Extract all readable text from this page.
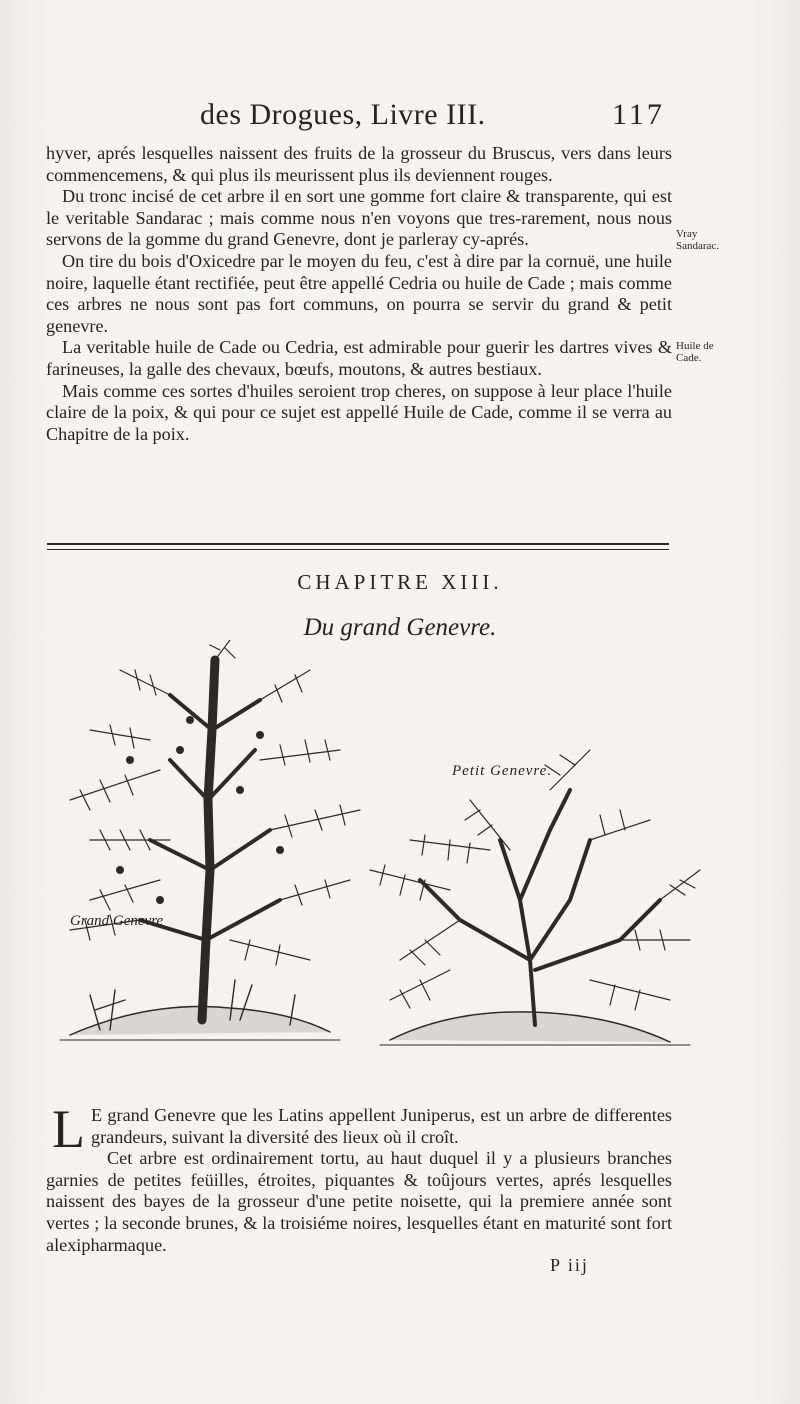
des Drogues, Livre III.	117

hyver, aprés lesquelles naissent des fruits de la grosseur du Bruscus, vers dans leurs commencemens, & qui plus ils meurissent plus ils deviennent rouges.

Du tronc incisé de cet arbre il en sort une gomme fort claire & transparente, qui est le veritable Sandarac ; mais comme nous n'en voyons que tres-rarement, nous nous servons de la gomme du grand Genevre, dont je parleray cy-aprés.

On tire du bois d'Oxicedre par le moyen du feu, c'est à dire par la cornuë, une huile noire, laquelle étant rectifiée, peut être appellé Cedria ou huile de Cade ; mais comme ces arbres ne nous sont pas fort communs, on pourra se servir du grand & petit genevre.

La veritable huile de Cade ou Cedria, est admirable pour guerir les dartres vives & farineuses, la galle des chevaux, bœufs, moutons, & autres bestiaux.

Mais comme ces sortes d'huiles seroient trop cheres, on suppose à leur place l'huile claire de la poix, & qui pour ce sujet est appellé Huile de Cade, comme il se verra au Chapitre de la poix.

Vray Sandarac.
Huile de Cade.
CHAPITRE XIII.
Du grand Genevre.
Grand Genevre
Petit Genevre.

L E grand Genevre que les Latins appellent Juniperus, est un arbre de differentes grandeurs, suivant la diversité des lieux où il croît.

Cet arbre est ordinairement tortu, au haut duquel il y a plusieurs branches garnies de petites feüilles, étroites, piquantes & toûjours vertes, aprés lesquelles naissent des bayes de la grosseur d'une petite noisette, qui la premiere année sont vertes ; la seconde brunes, & la troisiéme noires, lesquelles étant en maturité sont fort alexipharmaque.

P iij
